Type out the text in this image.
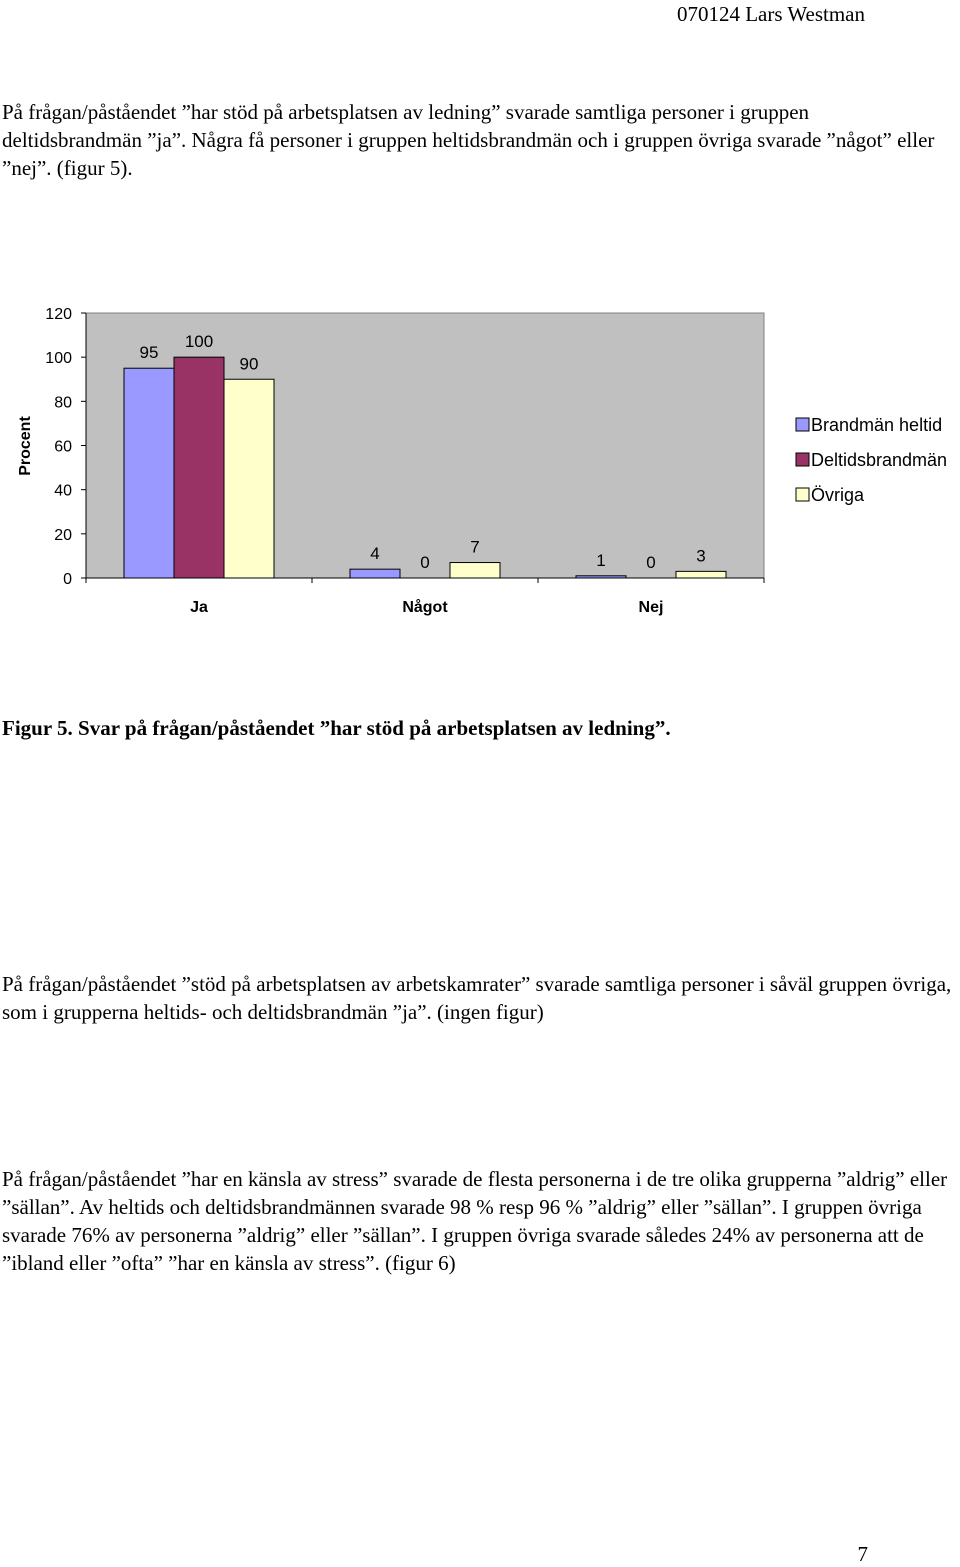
070124 Lars Westman

På frågan/påståendet ”har stöd på arbetsplatsen av ledning” svarade samtliga personer i gruppen deltidsbrandmän ”ja”. Några få personer i gruppen heltidsbrandmän och i gruppen övriga svarade ”något” eller ”nej”. (figur 5).

Procent
0
20
40
60
80
100
120
Ja	Något	Nej
95
100
90
4 0
7
1 0 3
Brandmän heltid
Deltidsbrandmän
Övriga
Figur 5. Svar på frågan/påståendet ”har stöd på arbetsplatsen av ledning”.

På frågan/påståendet ”stöd på arbetsplatsen av arbetskamrater” svarade samtliga personer i såväl gruppen övriga, som i grupperna heltids- och deltidsbrandmän ”ja”. (ingen figur)

På frågan/påståendet ”har en känsla av stress” svarade de flesta personerna i de tre olika grupperna ”aldrig” eller ”sällan”. Av heltids och deltidsbrandmännen svarade 98 % resp 96 % ”aldrig” eller ”sällan”. I gruppen övriga svarade 76% av personerna ”aldrig” eller ”sällan”. I gruppen övriga svarade således 24% av personerna att de ”ibland eller ”ofta” ”har en känsla av stress”. (figur 6)

7
